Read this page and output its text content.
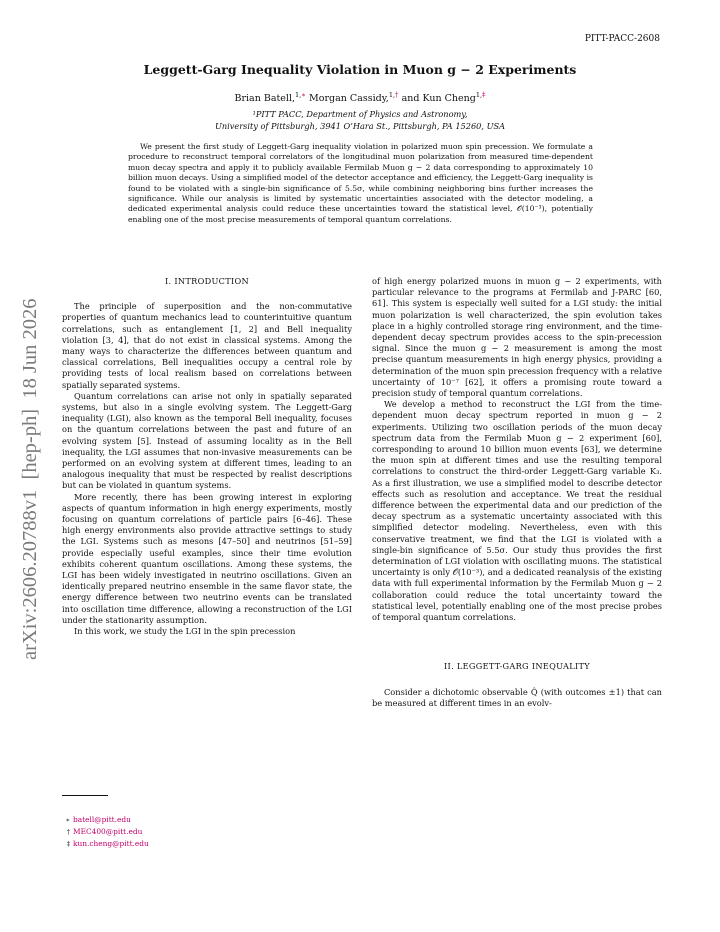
PITT-PACC-2608
arXiv:2606.20788v1  [hep-ph]  18 Jun 2026
Leggett-Garg Inequality Violation in Muon g − 2 Experiments
Brian Batell,$^{1,∗}$ Morgan Cassidy,$^{1,\dagger}$ and Kun Cheng$^{1,\ddagger}$
¹PITT PACC, Department of Physics and Astronomy,
University of Pittsburgh, 3941 O’Hara St., Pittsburgh, PA 15260, USA
We present the first study of Leggett-Garg inequality violation in polarized muon spin precession. We formulate a procedure to reconstruct temporal correlators of the longitudinal muon polarization from measured time-dependent muon decay spectra and apply it to publicly available Fermilab Muon g − 2 data corresponding to approximately 10 billion muon decays. Using a simplified model of the detector acceptance and efficiency, the Leggett-Garg inequality is found to be violated with a single-bin significance of 5.5σ, while combining neighboring bins further increases the significance. While our analysis is limited by systematic uncertainties associated with the detector modeling, a dedicated experimental analysis could reduce these uncertainties toward the statistical level, 𝒪(10⁻³), potentially enabling one of the most precise measurements of temporal quantum correlations.
I. INTRODUCTION

The principle of superposition and the non-commutative properties of quantum mechanics lead to counterintuitive quantum correlations, such as entanglement [1, 2] and Bell inequality violation [3, 4], that do not exist in classical systems. Among the many ways to characterize the differences between quantum and classical correlations, Bell inequalities occupy a central role by providing tests of local realism based on correlations between spatially separated systems.

Quantum correlations can arise not only in spatially separated systems, but also in a single evolving system. The Leggett-Garg inequality (LGI), also known as the temporal Bell inequality, focuses on the quantum correlations between the past and future of an evolving system [5]. Instead of assuming locality as in the Bell inequality, the LGI assumes that non-invasive measurements can be performed on an evolving system at different times, leading to an analogous inequality that must be respected by realist descriptions but can be violated in quantum systems.

More recently, there has been growing interest in exploring aspects of quantum information in high energy experiments, mostly focusing on quantum correlations of particle pairs [6–46]. These high energy environments also provide attractive settings to study the LGI. Systems such as mesons [47–50] and neutrinos [51–59] provide especially useful examples, since their time evolution exhibits coherent quantum oscillations. Among these systems, the LGI has been widely investigated in neutrino oscillations. Given an identically prepared neutrino ensemble in the same flavor state, the energy difference between two neutrino events can be translated into oscillation time difference, allowing a reconstruction of the LGI under the stationarity assumption.

In this work, we study the LGI in the spin precession

of high energy polarized muons in muon g − 2 experiments, with particular relevance to the programs at Fermilab and J-PARC [60, 61]. This system is especially well suited for a LGI study: the initial muon polarization is well characterized, the spin evolution takes place in a highly controlled storage ring environment, and the time-dependent decay spectrum provides access to the spin-precession signal. Since the muon g − 2 measurement is among the most precise quantum measurements in high energy physics, providing a determination of the muon spin precession frequency with a relative uncertainty of 10⁻⁷ [62], it offers a promising route toward a precision study of temporal quantum correlations.

We develop a method to reconstruct the LGI from the time-dependent muon decay spectrum reported in muon g − 2 experiments. Utilizing two oscillation periods of the muon decay spectrum data from the Fermilab Muon g − 2 experiment [60], corresponding to around 10 billion muon events [63], we determine the muon spin at different times and use the resulting temporal correlations to construct the third-order Leggett-Garg variable K₃. As a first illustration, we use a simplified model to describe detector effects such as resolution and acceptance. We treat the residual difference between the experimental data and our prediction of the decay spectrum as a systematic uncertainty associated with this simplified detector modeling. Nevertheless, even with this conservative treatment, we find that the LGI is violated with a single-bin significance of 5.5σ. Our study thus provides the first determination of LGI violation with oscillating muons. The statistical uncertainty is only 𝒪(10⁻³), and a dedicated reanalysis of the existing data with full experimental information by the Fermilab Muon g − 2 collaboration could reduce the total uncertainty toward the statistical level, potentially enabling one of the most precise probes of temporal quantum correlations.

II. LEGGETT-GARG INEQUALITY

Consider a dichotomic observable Q̂ (with outcomes ±1) that can be measured at different times in an evolv-

∗ batell@pitt.edu
† MEC400@pitt.edu
‡ kun.cheng@pitt.edu
